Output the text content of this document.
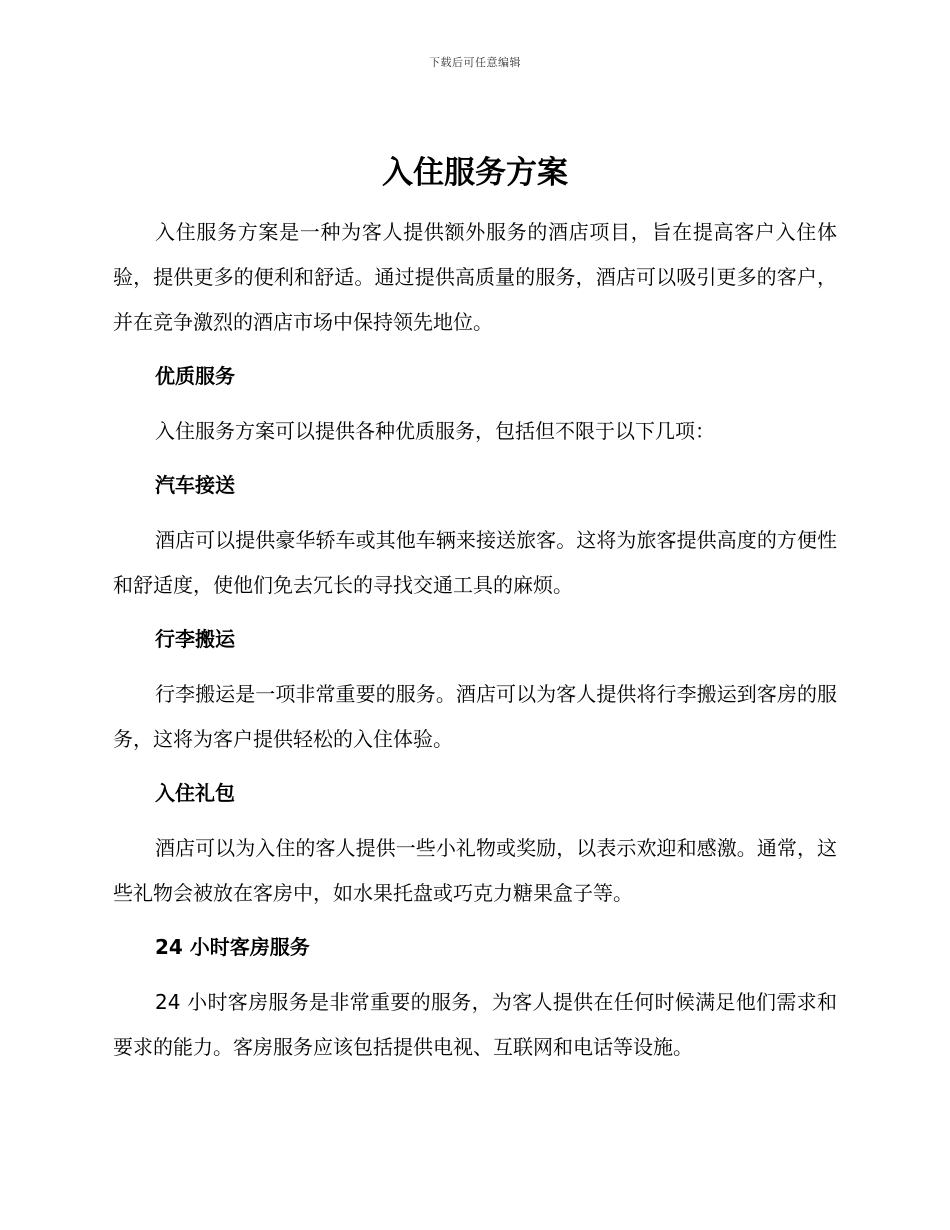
下载后可任意编辑
入住服务方案

入住服务方案是一种为客人提供额外服务的酒店项目，旨在提高客户入住体验，提供更多的便利和舒适。通过提供高质量的服务，酒店可以吸引更多的客户，并在竞争激烈的酒店市场中保持领先地位。

优质服务

入住服务方案可以提供各种优质服务，包括但不限于以下几项：

汽车接送

酒店可以提供豪华轿车或其他车辆来接送旅客。这将为旅客提供高度的方便性和舒适度，使他们免去冗长的寻找交通工具的麻烦。

行李搬运

行李搬运是一项非常重要的服务。酒店可以为客人提供将行李搬运到客房的服务，这将为客户提供轻松的入住体验。

入住礼包

酒店可以为入住的客人提供一些小礼物或奖励，以表示欢迎和感激。通常，这些礼物会被放在客房中，如水果托盘或巧克力糖果盒子等。

24 小时客房服务

24 小时客房服务是非常重要的服务，为客人提供在任何时候满足他们需求和要求的能力。客房服务应该包括提供电视、互联网和电话等设施。
